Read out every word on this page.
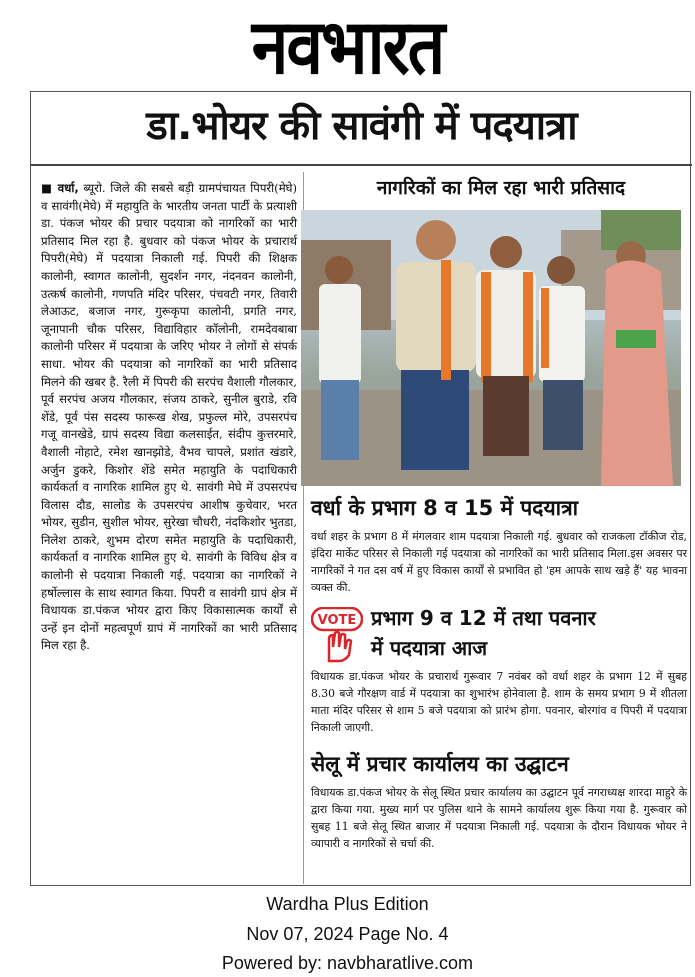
नवभारत
डा.भोयर की सावंगी में पदयात्रा
■ वर्धा, ब्यूरो. जिले की सबसे बड़ी ग्रामपंचायत पिपरी(मेघे) व सावंगी(मेघे) में महायुति के भारतीय जनता पार्टी के प्रत्याशी डा. पंकज भोयर की प्रचार पदयात्रा को नागरिकों का भारी प्रतिसाद मिल रहा है. बुधवार को पंकज भोयर के प्रचारार्थ पिपरी(मेघे) में पदयात्रा निकाली गई. पिपरी की शिक्षक कालोनी, स्वागत कालोनी, सुदर्शन नगर, नंदनवन कालोनी, उत्कर्ष कालोनी, गणपति मंदिर परिसर, पंचवटी नगर, तिवारी लेआऊट, बजाज नगर, गुरूकृपा कालोनी, प्रगति नगर, जूनापानी चौक परिसर, विद्याविहार कॉलोनी, रामदेवबाबा कालोनी परिसर में पदयात्रा के जरिए भोयर ने लोगों से संपर्क साधा. भोयर की पदयात्रा को नागरिकों का भारी प्रतिसाद मिलने की खबर है. रैली में पिपरी की सरपंच वैशाली गौलकार, पूर्व सरपंच अजय गौलकार, संजय ठाकरे, सुनील बुराडे, रवि शेंडे, पूर्व पंस सदस्य फारूख शेख, प्रफुल्ल मोरे, उपसरपंच गजू वानखेडे, ग्रापं सदस्य विद्या कलसाईत, संदीप कुत्तरमारे, वैशाली नोहाटे, रमेश खानझोडे, वैभव चापले, प्रशांत खंडारे, अर्जुन डुकरे, किशोर शेंडे समेत महायुति के पदाधिकारी कार्यकर्ता व नागरिक शामिल हुए थे. सावंगी मेघे में उपसरपंच विलास दौड, सालोड के उपसरपंच आशीष कुचेवार, भरत भोयर, सुडीन, सुशील भोयर, सुरेखा चौधरी, नंदकिशोर भुतडा, निलेश ठाकरे, शुभम दोरण समेत महायुति के पदाधिकारी, कार्यकर्ता व नागरिक शामिल हुए थे. सावंगी के विविध क्षेत्र व कालोनी से पदयात्रा निकाली गई. पदयात्रा का नागरिकों ने हर्षोल्लास के साथ स्वागत किया. पिपरी व सावंगी ग्रापं क्षेत्र में विधायक डा.पंकज भोयर द्वारा किए विकासात्मक कार्यों से उन्हें इन दोनों महत्वपूर्ण ग्रापं में नागरिकों का भारी प्रतिसाद मिल रहा है.
नागरिकों का मिल रहा भारी प्रतिसाद
वर्धा के प्रभाग 8 व 15 में पदयात्रा
वर्धा शहर के प्रभाग 8 में मंगलवार शाम पदयात्रा निकाली गई. बुधवार को राजकला टॉकीज रोड, इंदिरा मार्केट परिसर से निकाली गई पदयात्रा को नागरिकों का भारी प्रतिसाद मिला.इस अवसर पर नागरिकों ने गत दस वर्ष में हुए विकास कार्यों से प्रभावित हो 'हम आपके साथ खड़े हैं' यह भावना व्यक्त की.
VOTE प्रभाग 9 व 12 में तथा पवनार
में पदयात्रा आज
विधायक डा.पंकज भोयर के प्रचारार्थ गुरूवार 7 नवंबर को वर्धा शहर के प्रभाग 12 में सुबह 8.30 बजे गौरक्षण वार्ड में पदयात्रा का शुभारंभ होनेवाला है. शाम के समय प्रभाग 9 में शीतला माता मंदिर परिसर से शाम 5 बजे पदयात्रा को प्रारंभ होगा. पवनार, बोरगांव व पिपरी में पदयात्रा निकाली जाएगी.
सेलू में प्रचार कार्यालय का उद्घाटन
विधायक डा.पंकज भोयर के सेलू स्थित प्रचार कार्यालय का उद्घाटन पूर्व नगराध्यक्ष शारदा माहुरे के द्वारा किया गया. मुख्य मार्ग पर पुलिस थाने के सामने कार्यालय शुरू किया गया है. गुरूवार को सुबह 11 बजे सेलू स्थित बाजार में पदयात्रा निकाली गई. पदयात्रा के दौरान विधायक भोयर ने व्यापारी व नागरिकों से चर्चा की.
Wardha Plus Edition
Nov 07, 2024 Page No. 4
Powered by: navbharatlive.com
